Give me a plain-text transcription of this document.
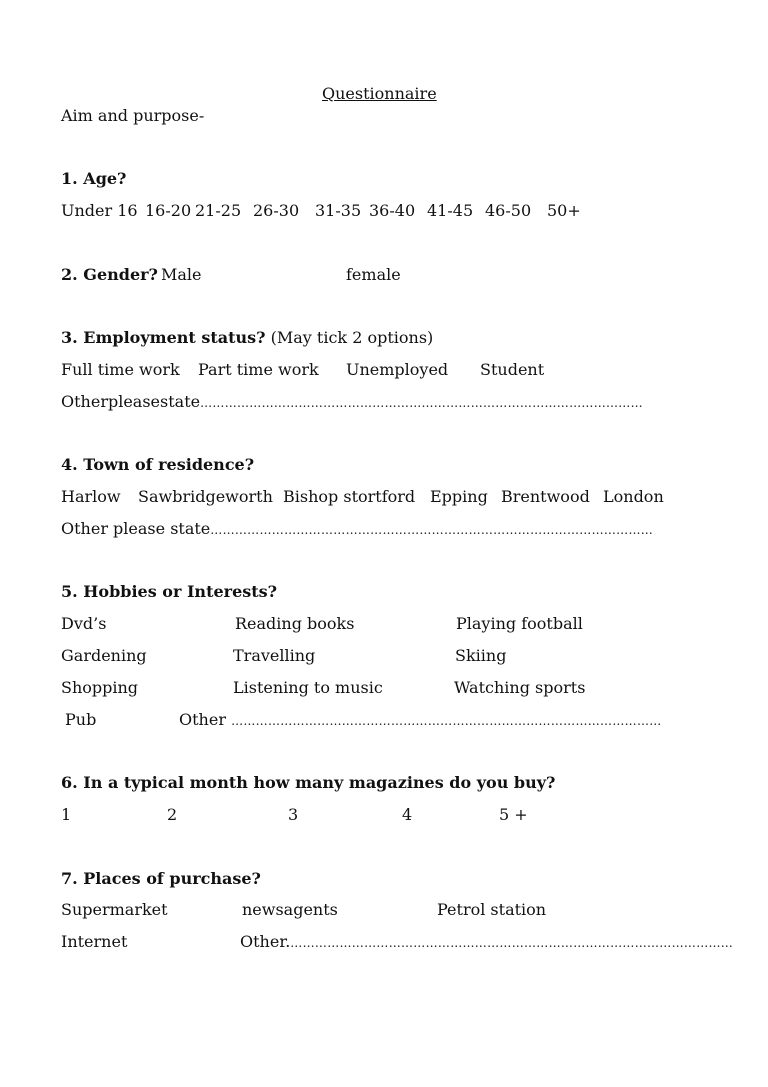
Questionnaire
Aim and purpose-
1. Age?
Under 16 16-20 21-25 26-30 31-35 36-40 41-45 46-50 50+
2. Gender? Male	female
3. Employment status? (May tick 2 options)
Full time work Part time work Unemployed Student
Otherpleasestate………………………………………………………………………………………………
4. Town of residence?
Harlow Sawbridgeworth Bishop stortford Epping Brentwood London
Other please state………………………………………………………………………………………………
5. Hobbies or Interests?
Dvd’s	Reading books	Playing football
Gardening	Travelling	Skiing
Shopping	Listening to music	Watching sports
Pub	Other ……………………………………………………………………………………………
6. In a typical month how many magazines do you buy?
1	2	3	4	5 +
7. Places of purchase?
Supermarket	newsagents	Petrol station
Internet	Other.………………………………………………………………………………………………
